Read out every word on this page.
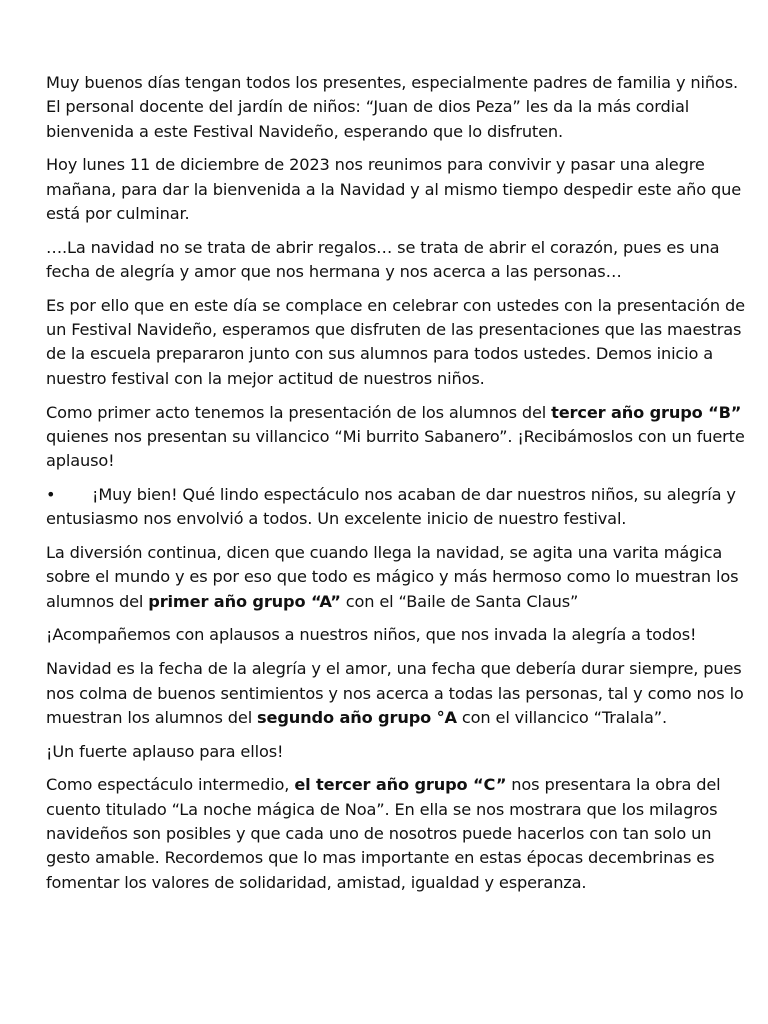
Muy buenos días tengan todos los presentes, especialmente padres de familia y niños. El personal docente del jardín de niños: “Juan de dios Peza” les da la más cordial bienvenida a este Festival Navideño, esperando que lo disfruten.

Hoy lunes 11 de diciembre de 2023 nos reunimos para convivir y pasar una alegre mañana, para dar la bienvenida a la Navidad y al mismo tiempo despedir este año que está por culminar.

….La navidad no se trata de abrir regalos… se trata de abrir el corazón, pues es una fecha de alegría y amor que nos hermana y nos acerca a las personas…

Es por ello que en este día se complace en celebrar con ustedes con la presentación de un Festival Navideño, esperamos que disfruten de las presentaciones que las maestras de la escuela prepararon junto con sus alumnos para todos ustedes. Demos inicio a nuestro festival con la mejor actitud de nuestros niños.

Como primer acto tenemos la presentación de los alumnos del tercer año grupo “B” quienes nos presentan su villancico “Mi burrito Sabanero”. ¡Recibámoslos con un fuerte aplauso!

• ¡Muy bien! Qué lindo espectáculo nos acaban de dar nuestros niños, su alegría y entusiasmo nos envolvió a todos. Un excelente inicio de nuestro festival.

La diversión continua, dicen que cuando llega la navidad, se agita una varita mágica sobre el mundo y es por eso que todo es mágico y más hermoso como lo muestran los alumnos del primer año grupo “A” con el “Baile de Santa Claus”

¡Acompañemos con aplausos a nuestros niños, que nos invada la alegría a todos!

Navidad es la fecha de la alegría y el amor, una fecha que debería durar siempre, pues nos colma de buenos sentimientos y nos acerca a todas las personas, tal y como nos lo muestran los alumnos del segundo año grupo °A con el villancico “Tralala”.

¡Un fuerte aplauso para ellos!

Como espectáculo intermedio, el tercer año grupo “C” nos presentara la obra del cuento titulado “La noche mágica de Noa”. En ella se nos mostrara que los milagros navideños son posibles y que cada uno de nosotros puede hacerlos con tan solo un gesto amable. Recordemos que lo mas importante en estas épocas decembrinas es fomentar los valores de solidaridad, amistad, igualdad y esperanza.
